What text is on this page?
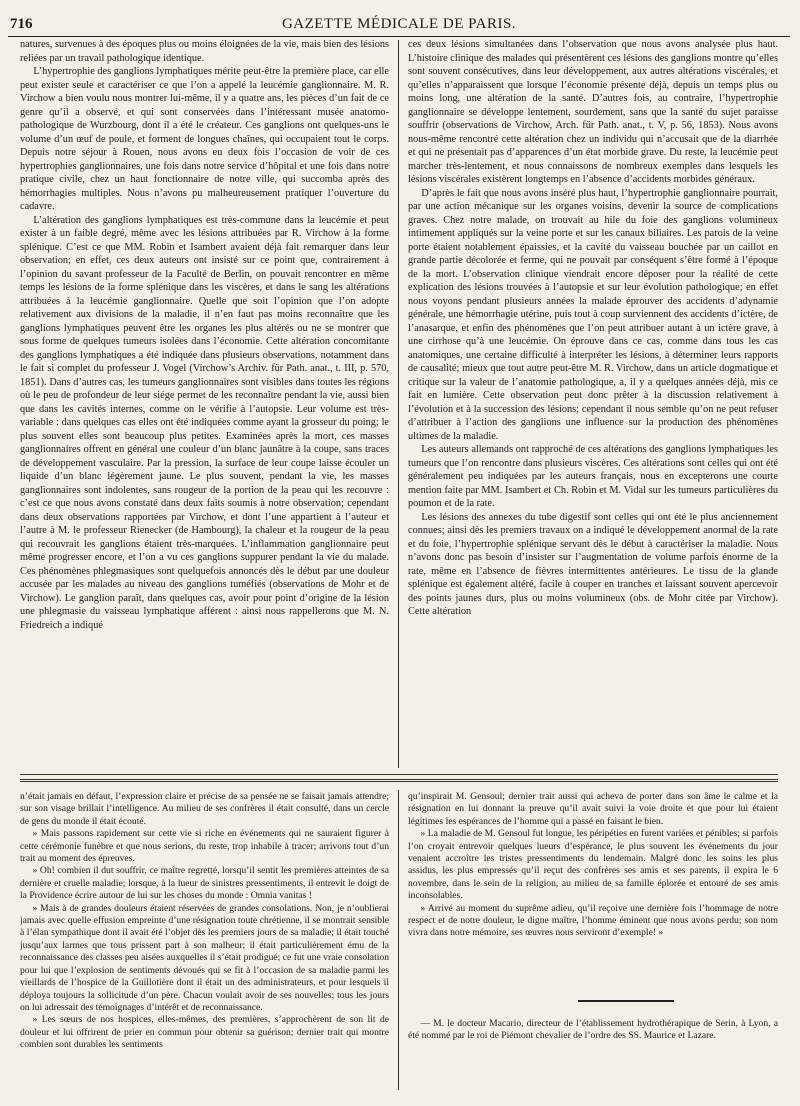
716	GAZETTE MÉDICALE DE PARIS.

natures, survenues à des époques plus ou moins éloignées de la vie, mais bien des lésions reliées par un travail pathologique identique.

L’hypertrophie des ganglions lymphatiques mérite peut-être la première place, car elle peut exister seule et caractériser ce que l’on a appelé la leucémie ganglionnaire. M. R. Virchow a bien voulu nous montrer lui-même, il y a quatre ans, les pièces d’un fait de ce genre qu’il a observé, et qui sont conservées dans l’intéressant musée anatomo-pathologique de Wurzbourg, dont il a été le créateur. Ces ganglions ont quelques-uns le volume d’un œuf de poule, et forment de longues chaînes, qui occupaient tout le corps. Depuis notre séjour à Rouen, nous avons eu deux fois l’occasion de voir de ces hypertrophies ganglionnaires, une fois dans notre service d’hôpital et une fois dans notre pratique civile, chez un haut fonctionnaire de notre ville, qui succomba après des hémorrhagies multiples. Nous n’avons pu malheureusement pratiquer l’ouverture du cadavre.

L’altération des ganglions lymphatiques est très-commune dans la leucémie et peut exister à un faible degré, même avec les lésions attribuées par R. Virchow à la forme splénique. C’est ce que MM. Robin et Isambert avaient déjà fait remarquer dans leur observation; en effet, ces deux auteurs ont insisté sur ce point que, contrairement à l’opinion du savant professeur de la Faculté de Berlin, on pouvait rencontrer en même temps les lésions de la forme splénique dans les viscères, et dans le sang les altérations attribuées à la leucémie ganglionnaire. Quelle que soit l’opinion que l’on adopte relativement aux divisions de la maladie, il n’en faut pas moins reconnaître que les ganglions lymphatiques peuvent être les organes les plus altérés ou ne se montrer que sous forme de quelques tumeurs isolées dans l’économie. Cette altération concomitante des ganglions lymphatiques a été indiquée dans plusieurs observations, notamment dans le fait si complet du professeur J. Vogel (Virchow’s Archiv. für Path. anat., t. III, p. 570, 1851). Dans d’autres cas, les tumeurs ganglionnaires sont visibles dans toutes les régions où le peu de profondeur de leur siége permet de les reconnaître pendant la vie, aussi bien que dans les cavités internes, comme on le vérifie à l’autopsie. Leur volume est très-variable : dans quelques cas elles ont été indiquées comme ayant la grosseur du poing; le plus souvent elles sont beaucoup plus petites. Examinées après la mort, ces masses ganglionnaires offrent en général une couleur d’un blanc jaunâtre à la coupe, sans traces de développement vasculaire. Par la pression, la surface de leur coupe laisse écouler un liquide d’un blanc légèrement jaune. Le plus souvent, pendant la vie, les masses ganglionnaires sont indolentes, sans rougeur de la portion de la peau qui les recouvre : c’est ce que nous avons constaté dans deux faits soumis à notre observation; cependant dans deux observations rapportées par Virchow, et dont l’une appartient à l’auteur et l’autre à M. le professeur Rienecker (de Hambourg), la chaleur et la rougeur de la peau qui recouvrait les ganglions étaient très-marquées. L’inflammation ganglionnaire peut même progresser encore, et l’on a vu ces ganglions suppurer pendant la vie du malade. Ces phénomènes phlegmasiques sont quelquefois annoncés dès le début par une douleur accusée par les malades au niveau des ganglions tuméfiés (observations de Mohr et de Virchow). Le ganglion paraît, dans quelques cas, avoir pour point d’origine de la lésion une phlegmasie du vaisseau lymphatique afférent : ainsi nous rappellerons que M. N. Friedreich a indiqué

ces deux lésions simultanées dans l’observation que nous avons analysée plus haut. L’histoire clinique des malades qui présentèrent ces lésions des ganglions montre qu’elles sont souvent consécutives, dans leur développement, aux autres altérations viscérales, et qu’elles n’apparaissent que lorsque l’économie présente déjà, depuis un temps plus ou moins long, une altération de la santé. D’autres fois, au contraire, l’hypertrophie ganglionnaire se développe lentement, sourdement, sans que la santé du sujet paraisse souffrir (observations de Virchow, Arch. für Path. anat., t. V, p. 56, 1853). Nous avons nous-même rencontré cette altération chez un individu qui n’accusait que de la diarrhée et qui ne présentait pas d’apparences d’un état morbide grave. Du reste, la leucémie peut marcher très-lentement, et nous connaissons de nombreux exemples dans lesquels les lésions viscérales existèrent longtemps en l’absence d’accidents morbides généraux.

D’après le fait que nous avons inséré plus haut, l’hypertrophie ganglionnaire pourrait, par une action mécanique sur les organes voisins, devenir la source de complications graves. Chez notre malade, on trouvait au hile du foie des ganglions volumineux intimement appliqués sur la veine porte et sur les canaux biliaires. Les parois de la veine porte étaient notablement épaissies, et la cavité du vaisseau bouchée par un caillot en grande partie décolorée et ferme, qui ne pouvait par conséquent s’être formé à l’époque de la mort. L’observation clinique viendrait encore déposer pour la réalité de cette explication des lésions trouvées à l’autopsie et sur leur évolution pathologique; en effet nous voyons pendant plusieurs années la malade éprouver des accidents d’adynamie générale, une hémorrhagie utérine, puis tout à coup surviennent des accidents d’ictère, de l’anasarque, et enfin des phénomènes que l’on peut attribuer autant à un ictère grave, à une cirrhose qu’à une leucémie. On éprouve dans ce cas, comme dans tous les cas anatomiques, une certaine difficulté à interpréter les lésions, à déterminer leurs rapports de causalité; mieux que tout autre peut-être M. R. Virchow, dans un article dogmatique et critique sur la valeur de l’anatomie pathologique, a, il y a quelques années déjà, mis ce fait en lumière. Cette observation peut donc prêter à la discussion relativement à l’évolution et à la succession des lésions; cependant il nous semble qu’on ne peut refuser d’attribuer à l’action des ganglions une influence sur la production des phénomènes ultimes de la maladie.

Les auteurs allemands ont rapproché de ces altérations des ganglions lymphatiques les tumeurs que l’on rencontre dans plusieurs viscères. Ces altérations sont celles qui ont été généralement peu indiquées par les auteurs français, nous en excepterons une courte mention faite par MM. Isambert et Ch. Robin et M. Vidal sur les tumeurs particulières du poumon et de la rate.

Les lésions des annexes du tube digestif sont celles qui ont été le plus anciennement connues; ainsi dès les premiers travaux on a indiqué le développement anormal de la rate et du foie, l’hypertrophie splénique servant dès le début à caractériser la maladie. Nous n’avons donc pas besoin d’insister sur l’augmentation de volume parfois énorme de la rate, même en l’absence de fièvres intermittentes antérieures. Le tissu de la glande splénique est également altéré, facile à couper en tranches et laissant souvent apercevoir des points jaunes durs, plus ou moins volumineux (obs. de Mohr citée par Virchow). Cette altération

n’était jamais en défaut, l’expression claire et précise de sa pensée ne se faisait jamais attendre; sur son visage brillait l’intelligence. Au milieu de ses confrères il était consulté, dans un cercle de gens du monde il était écouté.

» Mais passons rapidement sur cette vie si riche en événements qui ne sauraient figurer à cette cérémonie funèbre et que nous serions, du reste, trop inhabile à tracer; arrivons tout d’un trait au moment des épreuves.

» Oh! combien il dut souffrir, ce maître regretté, lorsqu’il sentit les premières atteintes de sa dernière et cruelle maladie; lorsque, à la lueur de sinistres pressentiments, il entrevit le doigt de la Providence écrire autour de lui sur les choses du monde : Omnia vanitas !

» Mais à de grandes douleurs étaient réservées de grandes consolations. Non, je n’oublierai jamais avec quelle effusion empreinte d’une résignation toute chrétienne, il se montrait sensible à l’élan sympathique dont il avait été l’objet dès les premiers jours de sa maladie; il était touché jusqu’aux larmes que tous prissent part à son malheur; il était particulièrement ému de la reconnaissance des classes peu aisées auxquelles il s’était prodigué; ce fut une vraie consolation pour lui que l’explosion de sentiments dévoués qui se fit à l’occasion de sa maladie parmi les vieillards de l’hospice de la Guillotière dont il était un des administrateurs, et pour lesquels il déploya toujours la sollicitude d’un père. Chacun voulait avoir de ses nouvelles; tous les jours on lui adressait des témoignages d’intérêt et de reconnaissance.

» Les sœurs de nos hospices, elles-mêmes, des premières, s’approchèrent de son lit de douleur et lui offrirent de prier en commun pour obtenir sa guérison; dernier trait qui montre combien sont durables les sentiments

qu’inspirait M. Gensoul; dernier trait aussi qui acheva de porter dans son âme le calme et la résignation en lui donnant la preuve qu’il avait suivi la voie droite et que pour lui étaient légitimes les espérances de l’homme qui a passé en faisant le bien.

» La maladie de M. Gensoul fut longue, les péripéties en furent variées et pénibles; si parfois l’on croyait entrevoir quelques lueurs d’espérance, le plus souvent les événements du jour venaient accroître les tristes pressentiments du lendemain. Malgré donc les soins les plus assidus, les plus empressés qu’il reçut des confrères ses amis et ses parents, il expira le 6 novembre, dans le sein de la religion, au milieu de sa famille éplorée et entouré de ses amis inconsolables.

» Arrivé au moment du suprême adieu, qu’il reçoive une dernière fois l’hommage de notre respect et de notre douleur, le digne maître, l’homme éminent que nous avons perdu; son nom vivra dans notre mémoire, ses œuvres nous serviront d’exemple! »

— M. le docteur Macario, directeur de l’établissement hydrothérapique de Serin, à Lyon, a été nommé par le roi de Piémont chevalier de l’ordre des SS. Maurice et Lazare.
